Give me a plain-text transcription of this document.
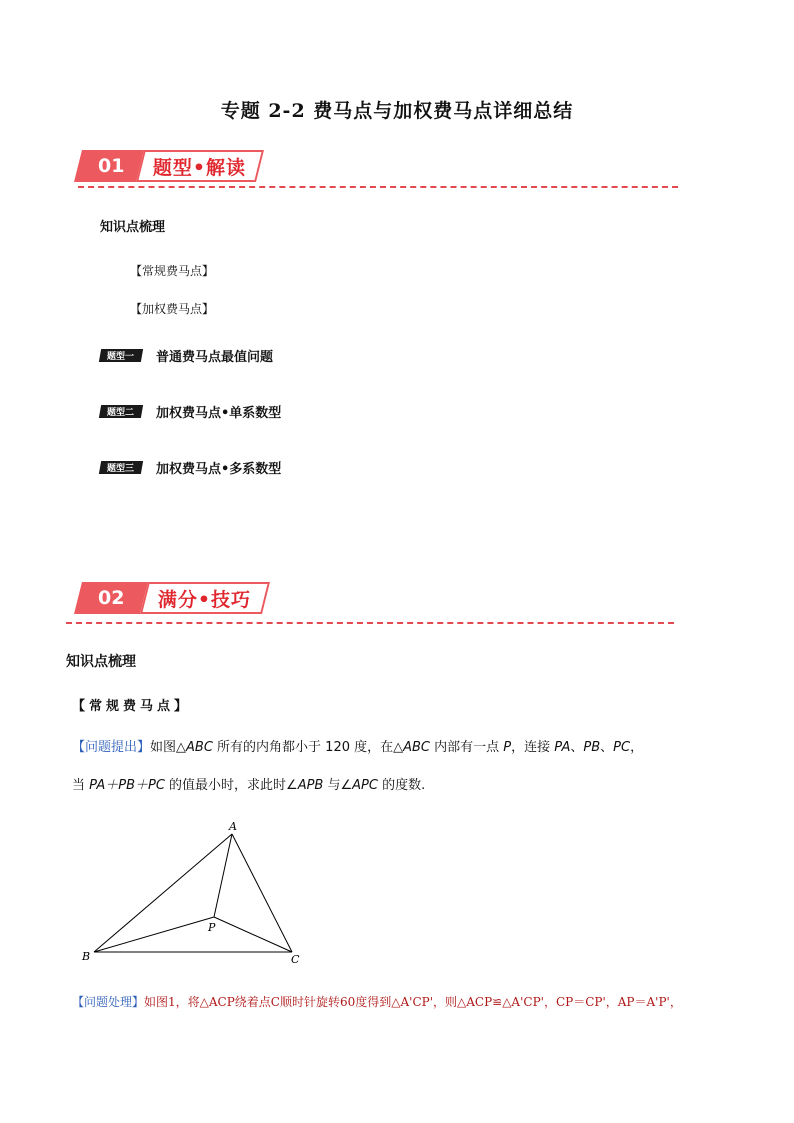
专题 2-2 费马点与加权费马点详细总结
01 题型•解读
知识点梳理
【常规费马点】
【加权费马点】
题型一 普通费马点最值问题
题型二 加权费马点•单系数型
题型三 加权费马点•多系数型
02 满分•技巧
知识点梳理
【常规费马点】
【问题提出】如图△ABC 所有的内角都小于 120 度，在△ABC 内部有一点 P，连接 PA、PB、PC，
当 PA＋PB＋PC 的值最小时，求此时∠APB 与∠APC 的度数.
A
B	C
P
【问题处理】如图1，将△ACP绕着点C顺时针旋转60度得到△A'CP'，则△ACP≌△A'CP'，CP＝CP'，AP＝A'P'，
